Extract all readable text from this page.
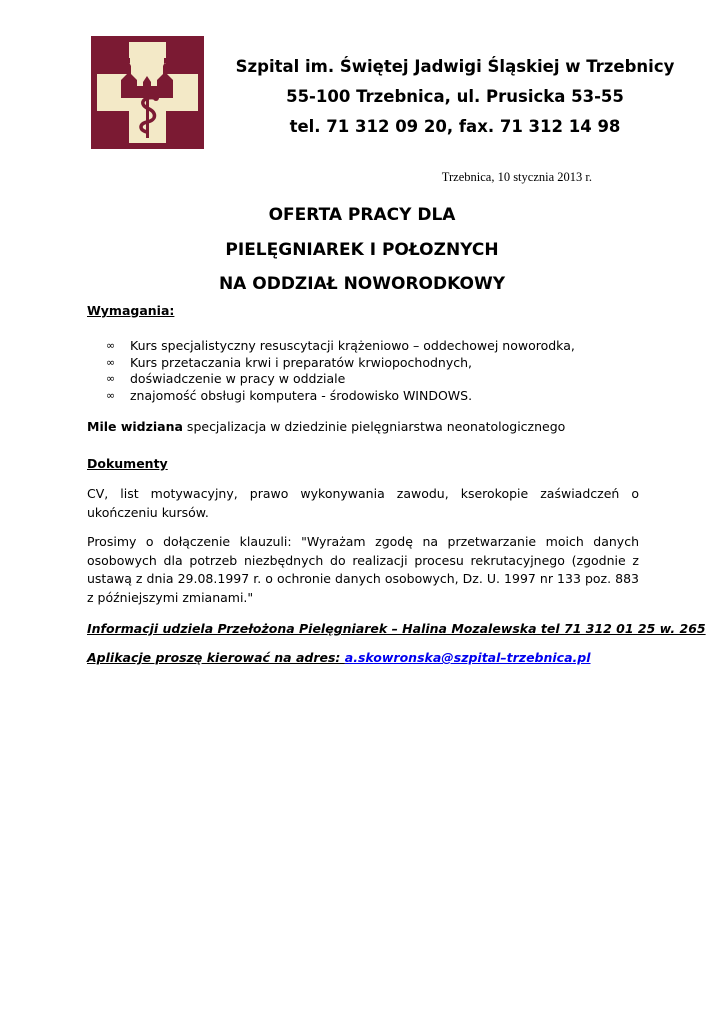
Szpital im. Świętej Jadwigi Śląskiej w Trzebnicy
55-100 Trzebnica, ul. Prusicka 53-55
tel. 71 312 09 20, fax. 71 312 14 98
Trzebnica, 10 stycznia 2013 r.
OFERTA PRACY DLA
PIELĘGNIAREK I POŁOZNYCH
NA ODDZIAŁ NOWORODKOWY
Wymagania:
∞ Kurs specjalistyczny resuscytacji krążeniowo – oddechowej noworodka,
∞ Kurs przetaczania krwi i preparatów krwiopochodnych,
∞ doświadczenie w pracy w oddziale
∞ znajomość obsługi komputera - środowisko WINDOWS.
Mile widziana specjalizacja w dziedzinie pielęgniarstwa neonatologicznego
Dokumenty
CV, list motywacyjny, prawo wykonywania zawodu, kserokopie zaświadczeń o ukończeniu kursów.
Prosimy o dołączenie klauzuli: "Wyrażam zgodę na przetwarzanie moich danych osobowych dla potrzeb niezbędnych do realizacji procesu rekrutacyjnego (zgodnie z ustawą z dnia 29.08.1997 r. o ochronie danych osobowych, Dz. U. 1997 nr 133 poz. 883 z późniejszymi zmianami."
Informacji udziela Przełożona Pielęgniarek – Halina Mozalewska tel 71 312 01 25 w. 265
Aplikacje proszę kierować na adres: a.skowronska@szpital–trzebnica.pl
